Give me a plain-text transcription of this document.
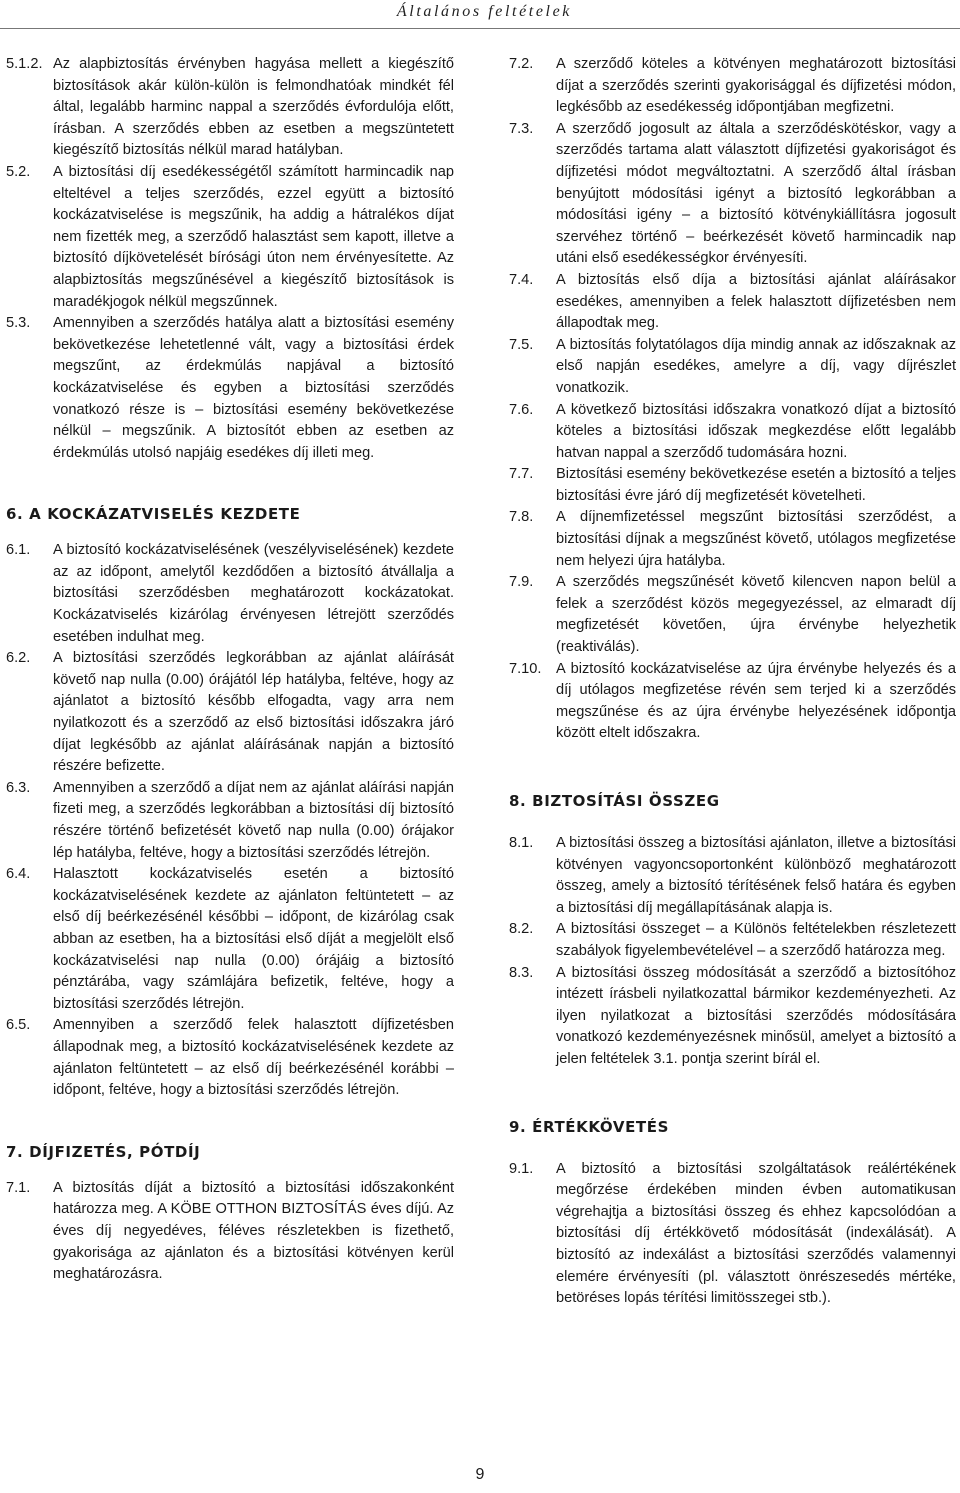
Általános feltételek
5.1.2. Az alapbiztosítás érvényben hagyása mellett a kiegészítő biztosítások akár külön-külön is felmondhatóak mindkét fél által, legalább harminc nappal a szerződés évfordulója előtt, írásban. A szerződés ebben az esetben a megszüntetett kiegészítő biztosítás nélkül marad hatályban.
5.2.	A biztosítási díj esedékességétől számított harmincadik nap elteltével a teljes szerződés, ezzel együtt a biztosító kockázatviselése is megszűnik, ha addig a hátralékos díjat nem fizették meg, a szerződő halasztást sem kapott, illetve a biztosító díjkövetelését bírósági úton nem érvényesítette. Az alapbiztosítás megszűnésével a kiegészítő biztosítások is maradékjogok nélkül megszűnnek.
5.3.	Amennyiben a szerződés hatálya alatt a biztosítási esemény bekövetkezése lehetetlenné vált, vagy a biztosítási érdek megszűnt, az érdekmúlás napjával a biztosító kockázatviselése és egyben a biztosítási szerződés vonatkozó része is – biztosítási esemény bekövetkezése nélkül – megszűnik. A biztosítót ebben az esetben az érdekmúlás utolsó napjáig esedékes díj illeti meg.
6. A KOCKÁZATVISELÉS KEZDETE
6.1.	A biztosító kockázatviselésének (veszélyviselésének) kezdete az az időpont, amelytől kezdődően a biztosító átvállalja a biztosítási szerződésben meghatározott kockázatokat. Kockázatviselés kizárólag érvényesen létrejött szerződés esetében indulhat meg.
6.2.	A biztosítási szerződés legkorábban az ajánlat aláírását követő nap nulla (0.00) órájától lép hatályba, feltéve, hogy az ajánlatot a biztosító később elfogadta, vagy arra nem nyilatkozott és a szerződő az első biztosítási időszakra járó díjat legkésőbb az ajánlat aláírásának napján a biztosító részére befizette.
6.3.	Amennyiben a szerződő a díjat nem az ajánlat aláírási napján fizeti meg, a szerződés legkorábban a biztosítási díj biztosító részére történő befizetését követő nap nulla (0.00) órájakor lép hatályba, feltéve, hogy a biztosítási szerződés létrejön.
6.4.	Halasztott kockázatviselés esetén a biztosító kockázatviselésének kezdete az ajánlaton feltüntetett – az első díj beérkezésénél későbbi – időpont, de kizárólag csak abban az esetben, ha a biztosítási első díját a megjelölt első kockázatviselési nap nulla (0.00) órájáig a biztosító pénztárába, vagy számlájára befizetik, feltéve, hogy a biztosítási szerződés létrejön.
6.5.	Amennyiben a szerződő felek halasztott díjfizetésben állapodnak meg, a biztosító kockázatviselésének kezdete az ajánlaton feltüntetett – az első díj beérkezésénél korábbi – időpont, feltéve, hogy a biztosítási szerződés létrejön.
7. DÍJFIZETÉS, PÓTDÍJ
7.1.	A biztosítás díját a biztosító a biztosítási időszakonként határozza meg. A KÖBE OTTHON BIZTOSÍTÁS éves díjú. Az éves díj negyedéves, féléves részletekben is fizethető, gyakorisága az ajánlaton és a biztosítási kötvényen kerül meghatározásra.
7.2.	A szerződő köteles a kötvényen meghatározott biztosítási díjat a szerződés szerinti gyakorisággal és díjfizetési módon, legkésőbb az esedékesség időpontjában megfizetni.
7.3.	A szerződő jogosult az általa a szerződéskötéskor, vagy a szerződés tartama alatt választott díjfizetési gyakoriságot és díjfizetési módot megváltoztatni. A szerződő által írásban benyújtott módosítási igényt a biztosító legkorábban a módosítási igény – a biztosító kötvénykiállításra jogosult szervéhez történő – beérkezését követő harmincadik nap utáni első esedékességkor érvényesíti.
7.4.	A biztosítás első díja a biztosítási ajánlat aláírásakor esedékes, amennyiben a felek halasztott díjfizetésben nem állapodtak meg.
7.5.	A biztosítás folytatólagos díja mindig annak az időszaknak az első napján esedékes, amelyre a díj, vagy díjrészlet vonatkozik.
7.6.	A következő biztosítási időszakra vonatkozó díjat a biztosító köteles a biztosítási időszak megkezdése előtt legalább hatvan nappal a szerződő tudomására hozni.
7.7.	Biztosítási esemény bekövetkezése esetén a biztosító a teljes biztosítási évre járó díj megfizetését követelheti.
7.8.	A díjnemfizetéssel megszűnt biztosítási szerződést, a biztosítási díjnak a megszűnést követő, utólagos megfizetése nem helyezi újra hatályba.
7.9.	A szerződés megszűnését követő kilencven napon belül a felek a szerződést közös megegyezéssel, az elmaradt díj megfizetését követően, újra érvénybe helyezhetik (reaktiválás).
7.10. A biztosító kockázatviselése az újra érvénybe helyezés és a díj utólagos megfizetése révén sem terjed ki a szerződés megszűnése és az újra érvénybe helyezésének időpontja között eltelt időszakra.
8. BIZTOSÍTÁSI ÖSSZEG
8.1.	A biztosítási összeg a biztosítási ajánlaton, illetve a biztosítási kötvényen vagyoncsoportonként különböző meghatározott összeg, amely a biztosító térítésének felső határa és egyben a biztosítási díj megállapításának alapja is.
8.2.	A biztosítási összeget – a Különös feltételekben részletezett szabályok figyelembevételével – a szerződő határozza meg.
8.3.	A biztosítási összeg módosítását a szerződő a biztosítóhoz intézett írásbeli nyilatkozattal bármikor kezdeményezheti. Az ilyen nyilatkozat a biztosítási szerződés módosítására vonatkozó kezdeményezésnek minősül, amelyet a biztosító a jelen feltételek 3.1. pontja szerint bírál el.
9. ÉRTÉKKÖVETÉS
9.1.	A biztosító a biztosítási szolgáltatások reálértékének megőrzése érdekében minden évben automatikusan végrehajtja a biztosítási összeg és ehhez kapcsolódóan a biztosítási díj értékkövető módosítását (indexálását). A biztosító az indexálást a biztosítási szerződés valamennyi elemére érvényesíti (pl. választott önrészesedés mértéke, betöréses lopás térítési limitösszegei stb.).
9
